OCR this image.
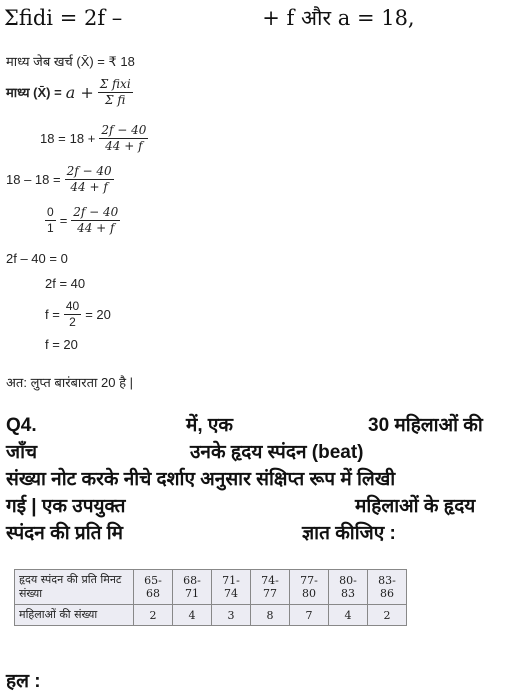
Σfidi = 2f –	+ f और a = 18,
माध्य जेब खर्च (X̄) = ₹ 18
माध्य (X̄) = $a + \frac{\text{Σ fixi}}{\text{Σ fi}}$
$18 = 18 + \frac{2f - 40}{44 + f}$
$18 - 18 = \frac{2f - 40}{44 + f}$
$\frac{0}{1} = \frac{2f - 40}{44 + f}$
2f – 40 = 0
2f = 40
$f = \frac{40}{2} = 20$
f = 20
अत: लुप्त बारंबारता 20 है |
Q4.	में, एक	30 महिलाओं की
जाँच	उनके हृदय स्पंदन (beat)
संख्या नोट करके नीचे दर्शाए अनुसार संक्षिप्त रूप में लिखी
गई | एक उपयुक्त	महिलाओं के हृदय
स्पंदन की प्रति मि	ज्ञात कीजिए :
हृदय स्पंदन की प्रति मिनट संख्या	65-68	68-71	71-74	74-77	77-80	80-83	83-86
महिलाओं की संख्या	2	4	3	8	7	4	2
हल :
